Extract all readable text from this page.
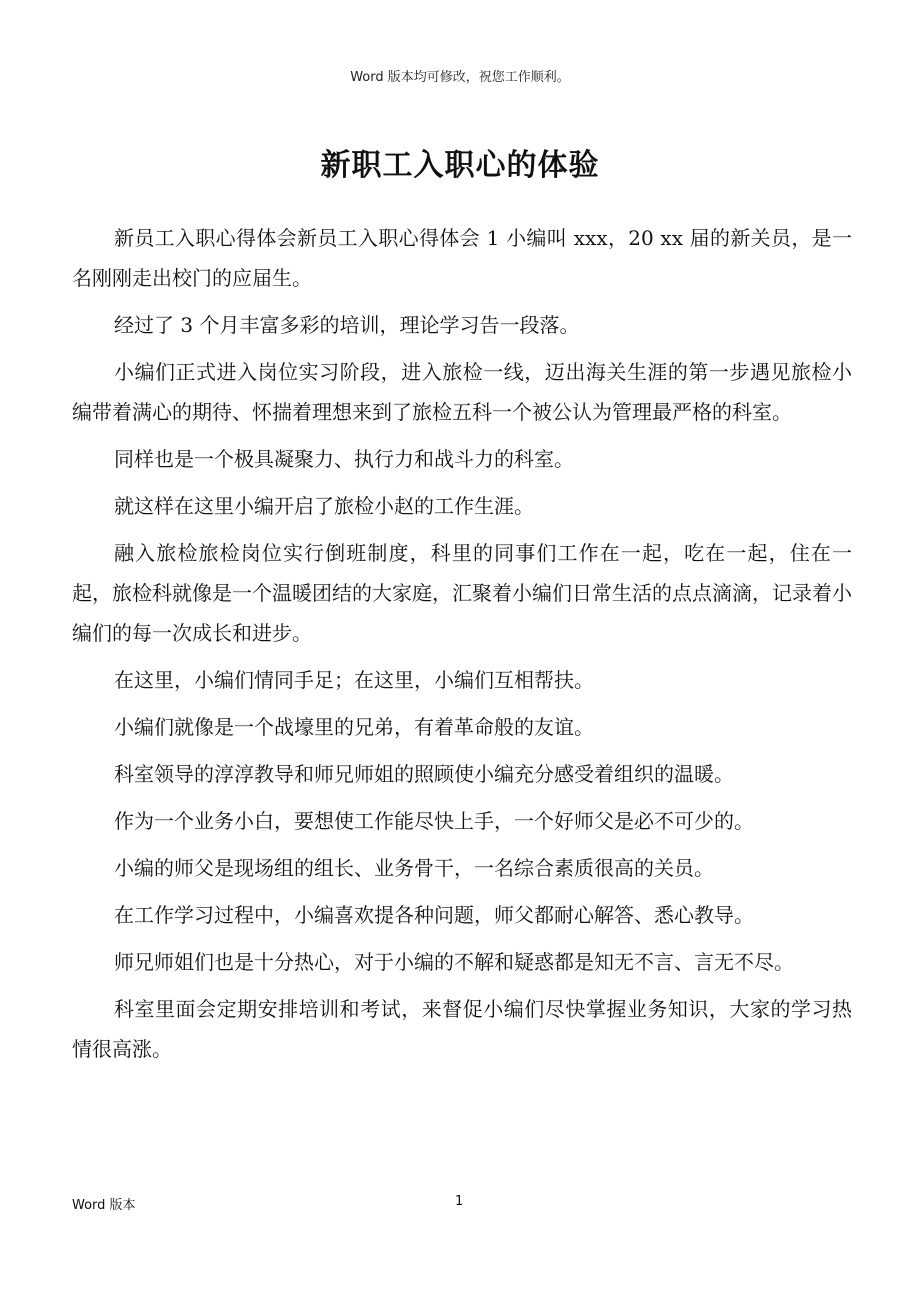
Word 版本均可修改，祝您工作顺利。
新职工入职心的体验

新员工入职心得体会新员工入职心得体会 1 小编叫 xxx，20 xx 届的新关员，是一名刚刚走出校门的应届生。

经过了 3 个月丰富多彩的培训，理论学习告一段落。

小编们正式进入岗位实习阶段，进入旅检一线，迈出海关生涯的第一步遇见旅检小编带着满心的期待、怀揣着理想来到了旅检五科一个被公认为管理最严格的科室。

同样也是一个极具凝聚力、执行力和战斗力的科室。

就这样在这里小编开启了旅检小赵的工作生涯。

融入旅检旅检岗位实行倒班制度，科里的同事们工作在一起，吃在一起，住在一起，旅检科就像是一个温暖团结的大家庭，汇聚着小编们日常生活的点点滴滴，记录着小编们的每一次成长和进步。

在这里，小编们情同手足；在这里，小编们互相帮扶。

小编们就像是一个战壕里的兄弟，有着革命般的友谊。

科室领导的淳淳教导和师兄师姐的照顾使小编充分感受着组织的温暖。

作为一个业务小白，要想使工作能尽快上手，一个好师父是必不可少的。

小编的师父是现场组的组长、业务骨干，一名综合素质很高的关员。

在工作学习过程中，小编喜欢提各种问题，师父都耐心解答、悉心教导。

师兄师姐们也是十分热心，对于小编的不解和疑惑都是知无不言、言无不尽。

科室里面会定期安排培训和考试，来督促小编们尽快掌握业务知识，大家的学习热情很高涨。

Word 版本	1
